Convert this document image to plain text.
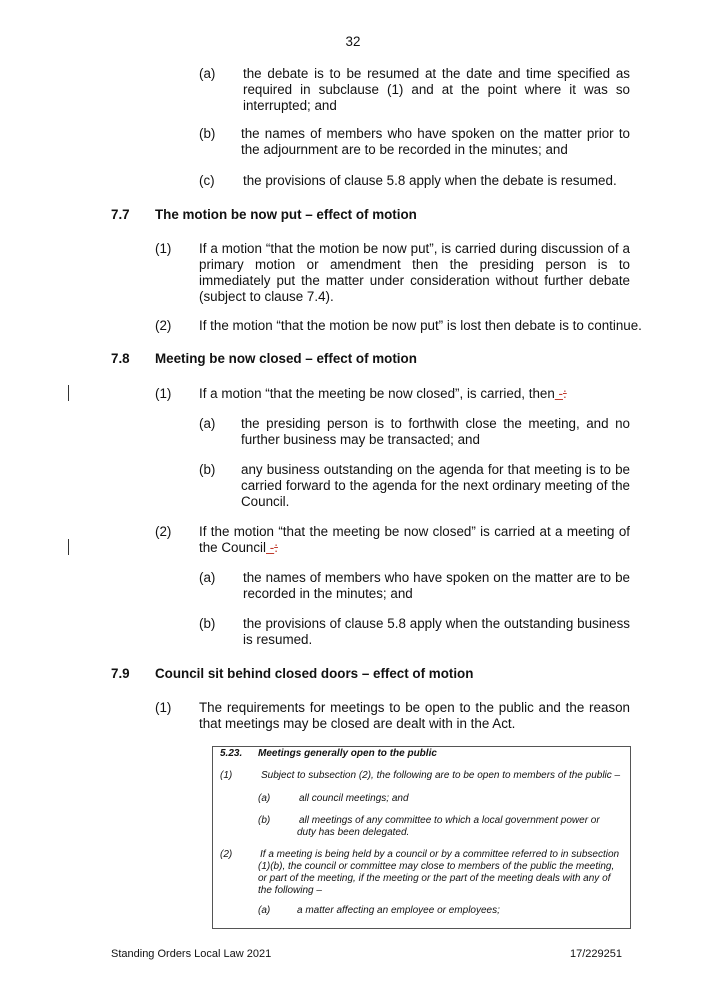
32
(a) the debate is to be resumed at the date and time specified as required in subclause (1) and at the point where it was so interrupted; and
(b) the names of members who have spoken on the matter prior to the adjournment are to be recorded in the minutes; and
(c) the provisions of clause 5.8 apply when the debate is resumed.
7.7 The motion be now put – effect of motion
(1) If a motion “that the motion be now put”, is carried during discussion of a primary motion or amendment then the presiding person is to immediately put the matter under consideration without further debate (subject to clause 7.4).
(2) If the motion “that the motion be now put” is lost then debate is to continue.
7.8 Meeting be now closed – effect of motion
(1) If a motion “that the meeting be now closed”, is carried, then -:
(a) the presiding person is to forthwith close the meeting, and no further business may be transacted; and
(b) any business outstanding on the agenda for that meeting is to be carried forward to the agenda for the next ordinary meeting of the Council.
(2) If the motion “that the meeting be now closed” is carried at a meeting of the Council -:
(a) the names of members who have spoken on the matter are to be recorded in the minutes; and
(b) the provisions of clause 5.8 apply when the outstanding business is resumed.
7.9 Council sit behind closed doors – effect of motion
(1) The requirements for meetings to be open to the public and the reason that meetings may be closed are dealt with in the Act.
5.23. Meetings generally open to the public
(1)	Subject to subsection (2), the following are to be open to members of the public –
(a)	all council meetings; and
(b)	all meetings of any committee to which a local government power or duty has been delegated.
(2)	If a meeting is being held by a council or by a committee referred to in subsection (1)(b), the council or committee may close to members of the public the meeting, or part of the meeting, if the meeting or the part of the meeting deals with any of the following –
(a)	a matter affecting an employee or employees;
Standing Orders Local Law 2021	17/229251
